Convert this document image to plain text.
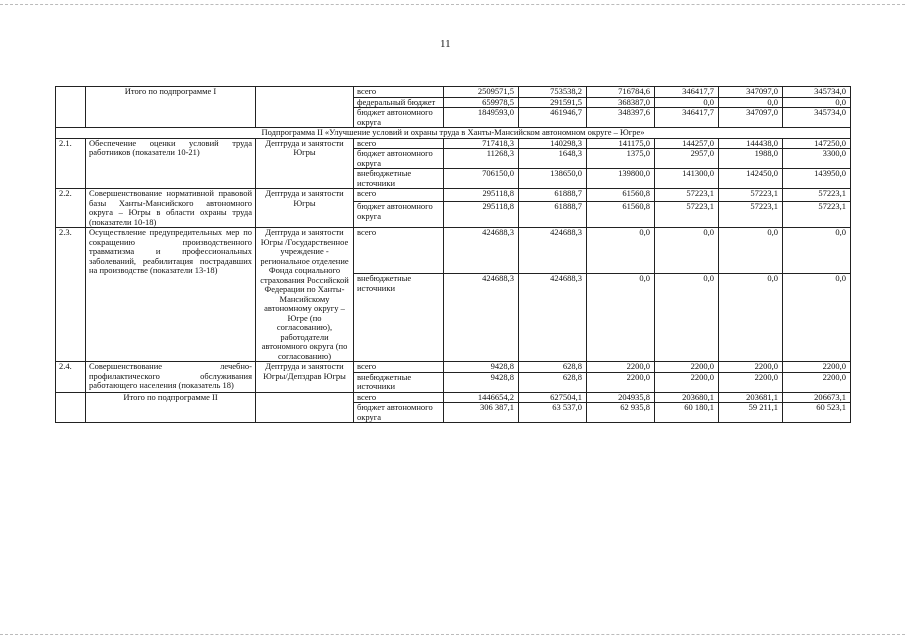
11
	Итого по подпрограмме I		всего	2509571,5	753538,2	716784,6	346417,7	347097,0	345734,0
			федеральный бюджет	659978,5	291591,5	368387,0	0,0	0,0	0,0
			бюджет автономного округа	1849593,0	461946,7	348397,6	346417,7	347097,0	345734,0
Подпрограмма II «Улучшение условий и охраны труда в Ханты-Мансийском автономном округе – Югре»									
2.1.	Обеспечение оценки условий труда работников (показатели 10-21)	Дептруда и занятости Югры	всего	717418,3	140298,3	141175,0	144257,0	144438,0	147250,0
			бюджет автономного округа	11268,3	1648,3	1375,0	2957,0	1988,0	3300,0
			внебюджетные источники	706150,0	138650,0	139800,0	141300,0	142450,0	143950,0
2.2.	Совершенствование нормативной правовой базы Ханты-Мансийского автономного округа – Югры в области охраны труда (показатели 10-18)	Дептруда и занятости Югры	всего	295118,8	61888,7	61560,8	57223,1	57223,1	57223,1
			бюджет автономного округа	295118,8	61888,7	61560,8	57223,1	57223,1	57223,1
2.3.	Осуществление предупредительных мер по сокращению производственного травматизма и профессиональных заболеваний, реабилитация пострадавших на производстве (показатели 13-18)	Дептруда и занятости Югры /Государственное учреждение - региональное отделение Фонда социального страхования Российской Федерации по Ханты-Мансийскому автономному округу – Югре (по согласованию), работодатели автономного округа (по согласованию)	всего	424688,3	424688,3	0,0	0,0	0,0	0,0
			внебюджетные источники	424688,3	424688,3	0,0	0,0	0,0	0,0
2.4.	Совершенствование лечебно-профилактического обслуживания работающего населения (показатель 18)	Дептруда и занятости Югры/Депздрав Югры	всего	9428,8	628,8	2200,0	2200,0	2200,0	2200,0
			внебюджетные источники	9428,8	628,8	2200,0	2200,0	2200,0	2200,0
	Итого по подпрограмме II		всего	1446654,2	627504,1	204935,8	203680,1	203681,1	206673,1
			бюджет автономного округа	306 387,1	63 537,0	62 935,8	60 180,1	59 211,1	60 523,1
